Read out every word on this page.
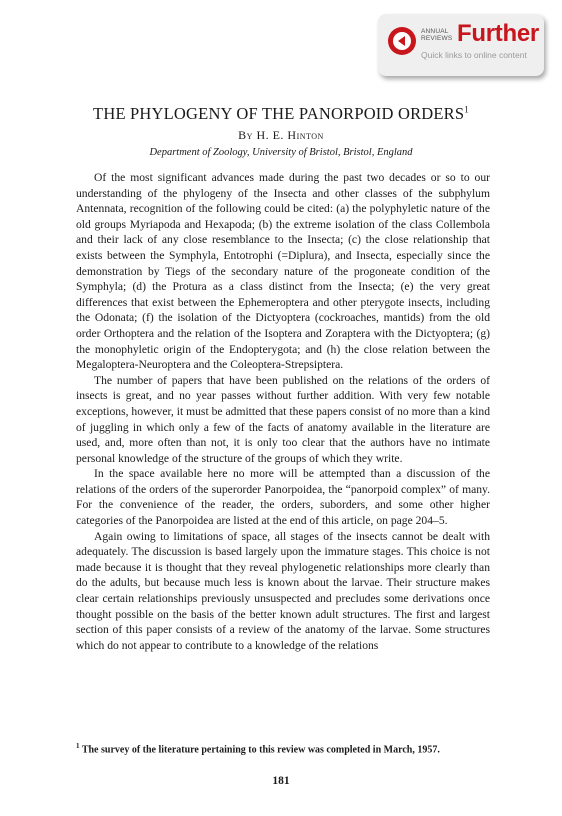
ANNUAL
REVIEWS Further
Quick links to online content
THE PHYLOGENY OF THE PANORPOID ORDERS$^1$
By H. E. Hinton
Department of Zoology, University of Bristol, Bristol, England

Of the most significant advances made during the past two decades or so to our understanding of the phylogeny of the Insecta and other classes of the subphylum Antennata, recognition of the following could be cited: (a) the polyphyletic nature of the old groups Myriapoda and Hexapoda; (b) the extreme isolation of the class Collembola and their lack of any close resemblance to the Insecta; (c) the close relationship that exists between the Symphyla, Entotrophi (=Diplura), and Insecta, especially since the demonstration by Tiegs of the secondary nature of the progoneate condition of the Symphyla; (d) the Protura as a class distinct from the Insecta; (e) the very great differences that exist between the Ephemeroptera and other pterygote insects, including the Odonata; (f) the isolation of the Dictyoptera (cockroaches, mantids) from the old order Orthoptera and the relation of the Isoptera and Zoraptera with the Dictyoptera; (g) the monophyletic origin of the Endopterygota; and (h) the close relation between the Megaloptera-Neuroptera and the Coleoptera-Strepsiptera.

The number of papers that have been published on the relations of the orders of insects is great, and no year passes without further addition. With very few notable exceptions, however, it must be admitted that these papers consist of no more than a kind of juggling in which only a few of the facts of anatomy available in the literature are used, and, more often than not, it is only too clear that the authors have no intimate personal knowledge of the structure of the groups of which they write.

In the space available here no more will be attempted than a discussion of the relations of the orders of the superorder Panorpoidea, the “panorpoid complex” of many. For the convenience of the reader, the orders, suborders, and some other higher categories of the Panorpoidea are listed at the end of this article, on page 204–5.

Again owing to limitations of space, all stages of the insects cannot be dealt with adequately. The discussion is based largely upon the immature stages. This choice is not made because it is thought that they reveal phylogenetic relationships more clearly than do the adults, but because much less is known about the larvae. Their structure makes clear certain relationships previously unsuspected and precludes some derivations once thought possible on the basis of the better known adult structures. The first and largest section of this paper consists of a review of the anatomy of the larvae. Some structures which do not appear to contribute to a knowledge of the relations

$^1$ The survey of the literature pertaining to this review was completed in March, 1957.
181
